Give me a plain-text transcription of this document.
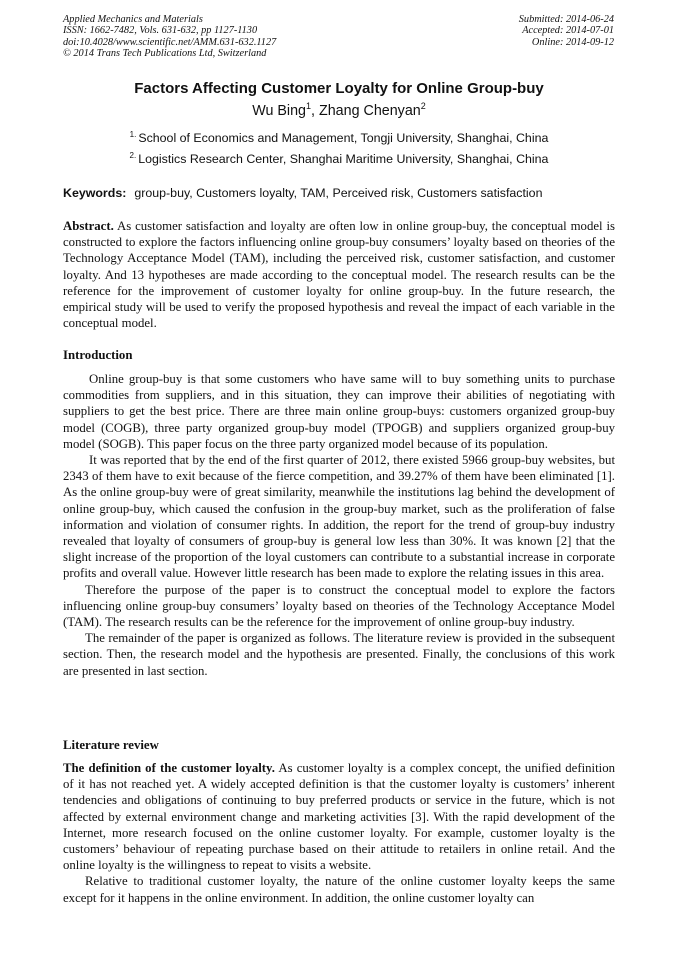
Applied Mechanics and Materials
ISSN: 1662-7482, Vols. 631-632, pp 1127-1130
doi:10.4028/www.scientific.net/AMM.631-632.1127
© 2014 Trans Tech Publications Ltd, Switzerland
Submitted: 2014-06-24
Accepted: 2014-07-01
Online: 2014-09-12
Factors Affecting Customer Loyalty for Online Group-buy
Wu Bing$^1$, Zhang Chenyan$^2$
$^{1.}$ School of Economics and Management, Tongji University, Shanghai, China
$^{2.}$ Logistics Research Center, Shanghai Maritime University, Shanghai, China
Keywords: group-buy, Customers loyalty, TAM, Perceived risk, Customers satisfaction

Abstract. As customer satisfaction and loyalty are often low in online group-buy, the conceptual model is constructed to explore the factors influencing online group-buy consumers’ loyalty based on theories of the Technology Acceptance Model (TAM), including the perceived risk, customer satisfaction, and customer loyalty. And 13 hypotheses are made according to the conceptual model. The research results can be the reference for the improvement of customer loyalty for online group-buy. In the future research, the empirical study will be used to verify the proposed hypothesis and reveal the impact of each variable in the conceptual model.

Introduction

Online group-buy is that some customers who have same will to buy something units to purchase commodities from suppliers, and in this situation, they can improve their abilities of negotiating with suppliers to get the best price. There are three main online group-buys: customers organized group-buy model (COGB), three party organized group-buy model (TPOGB) and suppliers organized group-buy model (SOGB). This paper focus on the three party organized model because of its population.

It was reported that by the end of the first quarter of 2012, there existed 5966 group-buy websites, but 2343 of them have to exit because of the fierce competition, and 39.27% of them have been eliminated [1]. As the online group-buy were of great similarity, meanwhile the institutions lag behind the development of online group-buy, which caused the confusion in the group-buy market, such as the proliferation of false information and violation of consumer rights. In addition, the report for the trend of group-buy industry revealed that loyalty of consumers of group-buy is general low less than 30%. It was known [2] that the slight increase of the proportion of the loyal customers can contribute to a substantial increase in corporate profits and overall value. However little research has been made to explore the relating issues in this area.

Therefore the purpose of the paper is to construct the conceptual model to explore the factors influencing online group-buy consumers’ loyalty based on theories of the Technology Acceptance Model (TAM). The research results can be the reference for the improvement of online group-buy industry.

The remainder of the paper is organized as follows. The literature review is provided in the subsequent section. Then, the research model and the hypothesis are presented. Finally, the conclusions of this work are presented in last section.

Literature review

The definition of the customer loyalty. As customer loyalty is a complex concept, the unified definition of it has not reached yet. A widely accepted definition is that the customer loyalty is customers’ inherent tendencies and obligations of continuing to buy preferred products or service in the future, which is not affected by external environment change and marketing activities [3]. With the rapid development of the Internet, more research focused on the online customer loyalty. For example, customer loyalty is the customers’ behaviour of repeating purchase based on their attitude to retailers in online retail. And the online loyalty is the willingness to repeat to visits a website.

Relative to traditional customer loyalty, the nature of the online customer loyalty keeps the same except for it happens in the online environment. In addition, the online customer loyalty can
